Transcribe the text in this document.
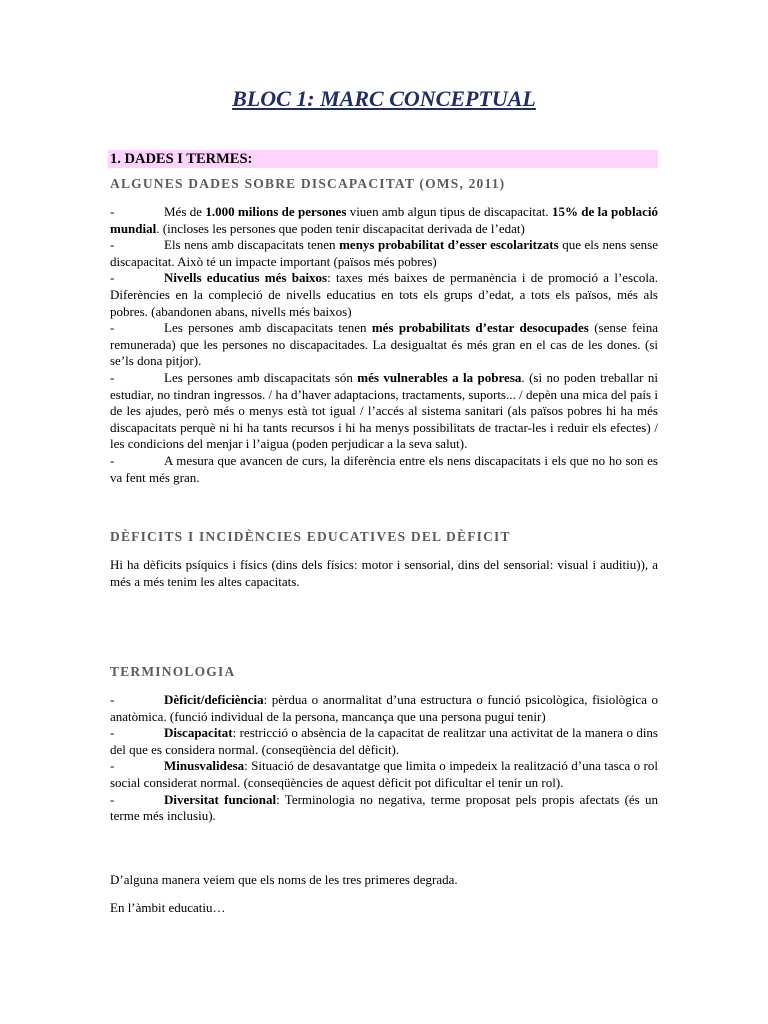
BLOC 1: MARC CONCEPTUAL
1. DADES I TERMES:
ALGUNES DADES SOBRE DISCAPACITAT (OMS, 2011)

-	Més de 1.000 milions de persones viuen amb algun tipus de discapacitat. 15% de la població mundial. (incloses les persones que poden tenir discapacitat derivada de l’edat)

-	Els nens amb discapacitats tenen menys probabilitat d’esser escolaritzats que els nens sense discapacitat. Això té un impacte important (països més pobres)

-	Nivells educatius més baixos: taxes més baixes de permanència i de promoció a l’escola. Diferències en la compleció de nivells educatius en tots els grups d’edat, a tots els països, més als pobres. (abandonen abans, nivells més baixos)

-	Les persones amb discapacitats tenen més probabilitats d’estar desocupades (sense feina remunerada) que les persones no discapacitades. La desigualtat és més gran en el cas de les dones. (si se’ls dona pitjor).

-	Les persones amb discapacitats són més vulnerables a la pobresa. (si no poden treballar ni estudiar, no tindran ingressos. / ha d’haver adaptacions, tractaments, suports... / depèn una mica del país i de les ajudes, però més o menys està tot igual / l’accés al sistema sanitari (als països pobres hi ha més discapacitats perquè ni hi ha tants recursos i hi ha menys possibilitats de tractar-les i reduir els efectes) / les condicions del menjar i l’aigua (poden perjudicar a la seva salut).

-	A mesura que avancen de curs, la diferència entre els nens discapacitats i els que no ho son es va fent més gran.

DÈFICITS I INCIDÈNCIES EDUCATIVES DEL DÈFICIT

Hi ha dèficits psíquics i físics (dins dels físics: motor i sensorial, dins del sensorial: visual i auditiu)), a més a més tenim les altes capacitats.

TERMINOLOGIA

-	Dèficit/deficiència: pèrdua o anormalitat d’una estructura o funció psicològica, fisiològica o anatòmica. (funció individual de la persona, mancança que una persona pugui tenir)

-	Discapacitat: restricció o absència de la capacitat de realitzar una activitat de la manera o dins del que es considera normal. (conseqüència del dèficit).

-	Minusvalidesa: Situació de desavantatge que limita o impedeix la realització d’una tasca o rol social considerat normal. (conseqüències de aquest dèficit pot dificultar el tenir un rol).

-	Diversitat funcional: Terminologia no negativa, terme proposat pels propis afectats (és un terme més inclusiu).

D’alguna manera veiem que els noms de les tres primeres degrada.

En l’àmbit educatiu…
